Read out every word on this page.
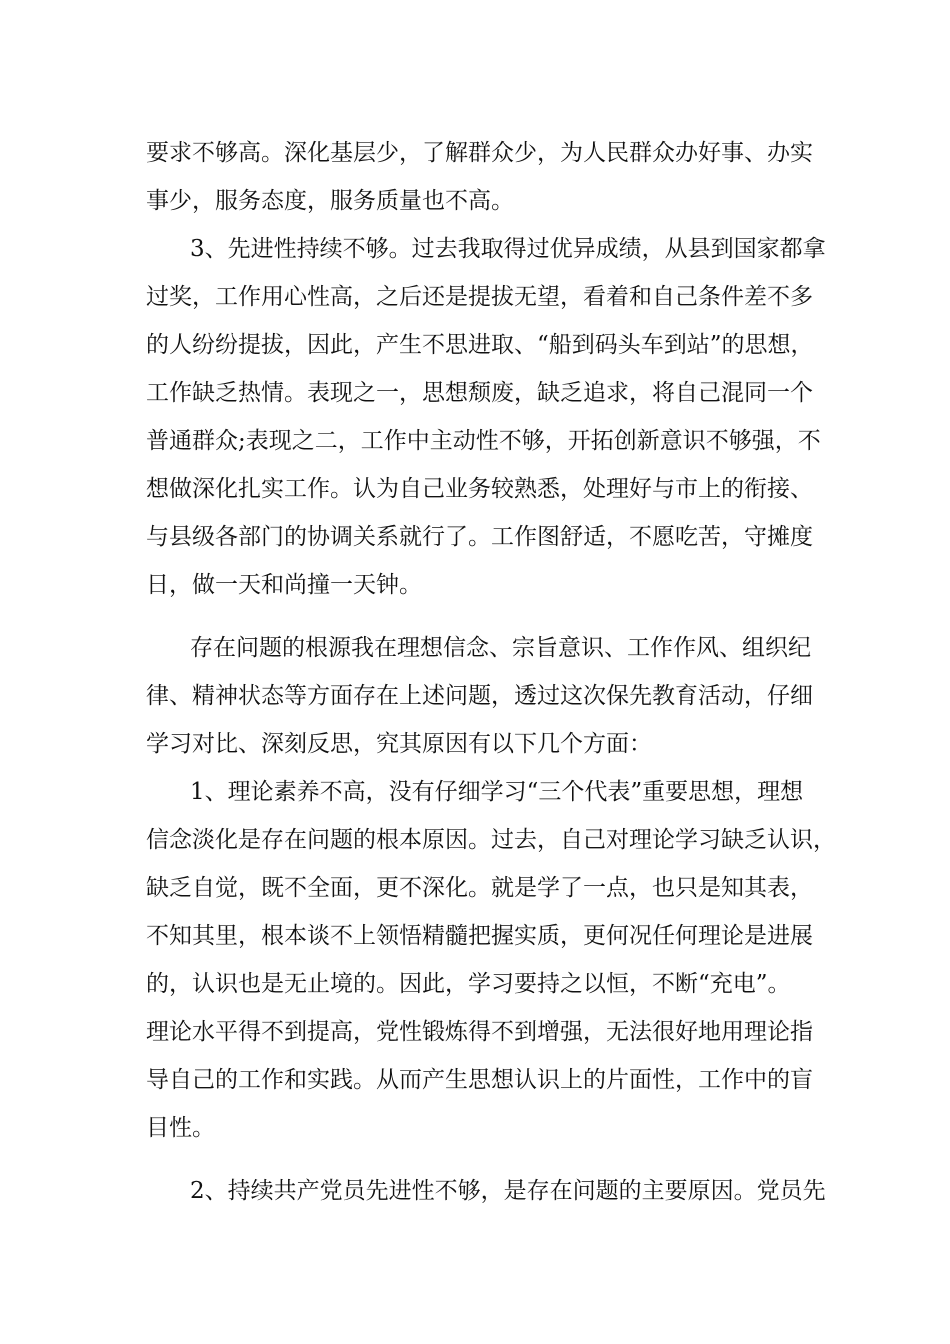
要求不够高。深化基层少，了解群众少，为人民群众办好事、办实
事少，服务态度，服务质量也不高。
3、先进性持续不够。过去我取得过优异成绩，从县到国家都拿
过奖，工作用心性高，之后还是提拔无望，看着和自己条件差不多
的人纷纷提拔，因此，产生不思进取、“船到码头车到站”的思想，
工作缺乏热情。表现之一，思想颓废，缺乏追求，将自己混同一个
普通群众;表现之二，工作中主动性不够，开拓创新意识不够强，不
想做深化扎实工作。认为自己业务较熟悉，处理好与市上的衔接、
与县级各部门的协调关系就行了。工作图舒适，不愿吃苦，守摊度
日，做一天和尚撞一天钟。
存在问题的根源我在理想信念、宗旨意识、工作作风、组织纪
律、精神状态等方面存在上述问题，透过这次保先教育活动，仔细
学习对比、深刻反思，究其原因有以下几个方面：
1、理论素养不高，没有仔细学习“三个代表”重要思想，理想
信念淡化是存在问题的根本原因。过去，自己对理论学习缺乏认识，
缺乏自觉，既不全面，更不深化。就是学了一点，也只是知其表，
不知其里，根本谈不上领悟精髓把握实质，更何况任何理论是进展
的，认识也是无止境的。因此，学习要持之以恒，不断“充电”。
理论水平得不到提高，党性锻炼得不到增强，无法很好地用理论指
导自己的工作和实践。从而产生思想认识上的片面性，工作中的盲
目性。
2、持续共产党员先进性不够，是存在问题的主要原因。党员先
